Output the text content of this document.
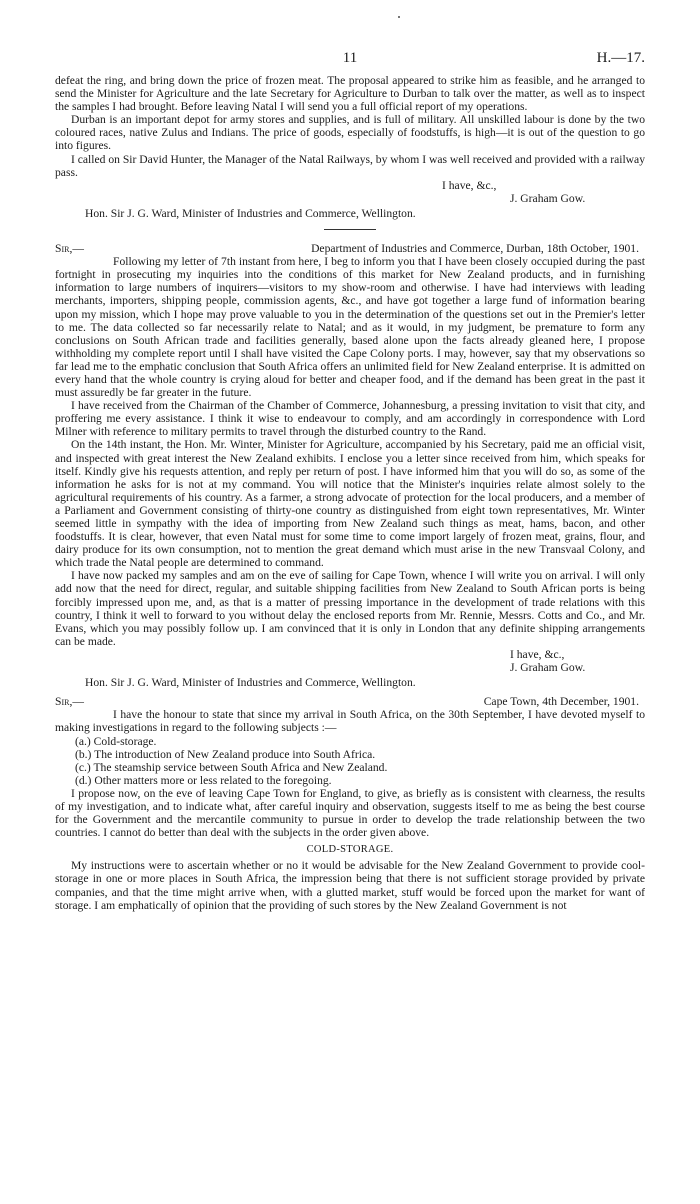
11	H.—17.

defeat the ring, and bring down the price of frozen meat. The proposal appeared to strike him as feasible, and he arranged to send the Minister for Agriculture and the late Secretary for Agriculture to Durban to talk over the matter, as well as to inspect the samples I had brought. Before leaving Natal I will send you a full official report of my operations.

Durban is an important depot for army stores and supplies, and is full of military. All unskilled labour is done by the two coloured races, native Zulus and Indians. The price of goods, especially of foodstuffs, is high—it is out of the question to go into figures.

I called on Sir David Hunter, the Manager of the Natal Railways, by whom I was well received and provided with a railway pass.

I have, &c.,

J. Graham Gow.

Hon. Sir J. G. Ward, Minister of Industries and Commerce, Wellington.

Sir,—	Department of Industries and Commerce, Durban, 18th October, 1901.

Following my letter of 7th instant from here, I beg to inform you that I have been closely occupied during the past fortnight in prosecuting my inquiries into the conditions of this market for New Zealand products, and in furnishing information to large numbers of inquirers—visitors to my show-room and otherwise. I have had interviews with leading merchants, importers, shipping people, commission agents, &c., and have got together a large fund of information bearing upon my mission, which I hope may prove valuable to you in the determination of the questions set out in the Premier's letter to me. The data collected so far necessarily relate to Natal; and as it would, in my judgment, be premature to form any conclusions on South African trade and facilities generally, based alone upon the facts already gleaned here, I propose withholding my complete report until I shall have visited the Cape Colony ports. I may, however, say that my observations so far lead me to the emphatic conclusion that South Africa offers an unlimited field for New Zealand enterprise. It is admitted on every hand that the whole country is crying aloud for better and cheaper food, and if the demand has been great in the past it must assuredly be far greater in the future.

I have received from the Chairman of the Chamber of Commerce, Johannesburg, a pressing invitation to visit that city, and proffering me every assistance. I think it wise to endeavour to comply, and am accordingly in correspondence with Lord Milner with reference to military permits to travel through the disturbed country to the Rand.

On the 14th instant, the Hon. Mr. Winter, Minister for Agriculture, accompanied by his Secretary, paid me an official visit, and inspected with great interest the New Zealand exhibits. I enclose you a letter since received from him, which speaks for itself. Kindly give his requests attention, and reply per return of post. I have informed him that you will do so, as some of the information he asks for is not at my command. You will notice that the Minister's inquiries relate almost solely to the agricultural requirements of his country. As a farmer, a strong advocate of protection for the local producers, and a member of a Parliament and Government consisting of thirty-one country as distinguished from eight town representatives, Mr. Winter seemed little in sympathy with the idea of importing from New Zealand such things as meat, hams, bacon, and other foodstuffs. It is clear, however, that even Natal must for some time to come import largely of frozen meat, grains, flour, and dairy produce for its own consumption, not to mention the great demand which must arise in the new Transvaal Colony, and which trade the Natal people are determined to command.

I have now packed my samples and am on the eve of sailing for Cape Town, whence I will write you on arrival. I will only add now that the need for direct, regular, and suitable shipping facilities from New Zealand to South African ports is being forcibly impressed upon me, and, as that is a matter of pressing importance in the development of trade relations with this country, I think it well to forward to you without delay the enclosed reports from Mr. Rennie, Messrs. Cotts and Co., and Mr. Evans, which you may possibly follow up. I am convinced that it is only in London that any definite shipping arrangements can be made.

I have, &c.,

J. Graham Gow.

Hon. Sir J. G. Ward, Minister of Industries and Commerce, Wellington.

Sir,—	Cape Town, 4th December, 1901.

I have the honour to state that since my arrival in South Africa, on the 30th September, I have devoted myself to making investigations in regard to the following subjects :—

(a.) Cold-storage.

(b.) The introduction of New Zealand produce into South Africa.

(c.) The steamship service between South Africa and New Zealand.

(d.) Other matters more or less related to the foregoing.

I propose now, on the eve of leaving Cape Town for England, to give, as briefly as is consistent with clearness, the results of my investigation, and to indicate what, after careful inquiry and observation, suggests itself to me as being the best course for the Government and the mercantile community to pursue in order to develop the trade relationship between the two countries. I cannot do better than deal with the subjects in the order given above.

COLD-STORAGE.

My instructions were to ascertain whether or no it would be advisable for the New Zealand Government to provide cool-storage in one or more places in South Africa, the impression being that there is not sufficient storage provided by private companies, and that the time might arrive when, with a glutted market, stuff would be forced upon the market for want of storage. I am emphatically of opinion that the providing of such stores by the New Zealand Government is not
